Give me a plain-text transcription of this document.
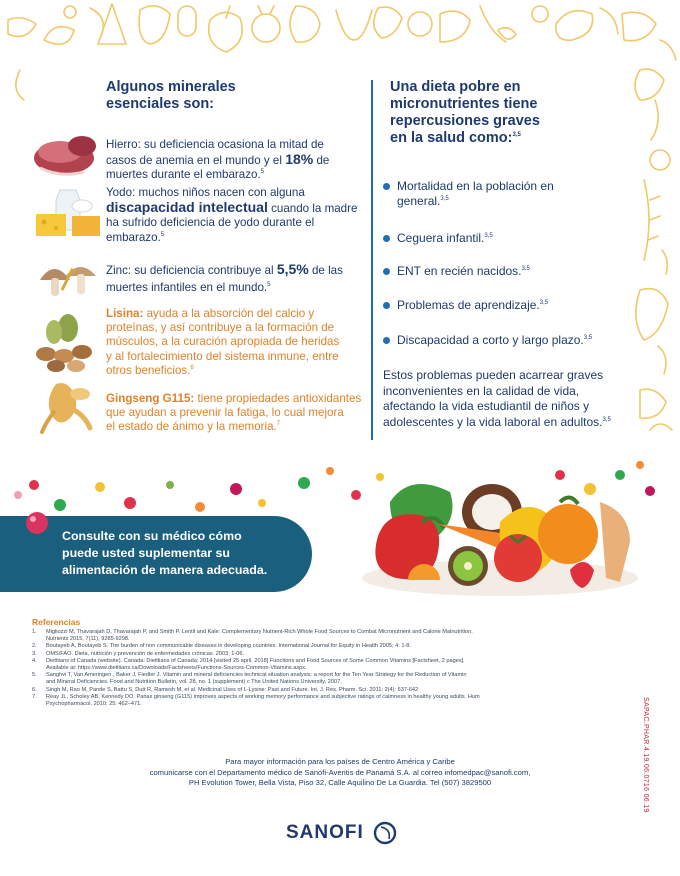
Algunos minerales
esenciales son:
Hierro: su deficiencia ocasiona la mitad de
casos de anemia en el mundo y el 18% de
muertes durante el embarazo.$^5$
Yodo: muchos niños nacen con alguna
discapacidad intelectual cuando la madre
ha sufrido deficiencia de yodo durante el
embarazo.$^5$
Zinc: su deficiencia contribuye al 5,5% de las
muertes infantiles en el mundo.$^5$
Lisina: ayuda a la absorción del calcio y
proteínas, y así contribuye a la formación de
músculos, a la curación apropiada de heridas
y al fortalecimiento del sistema inmune, entre
otros beneficios.$^6$
Gingseng G115: tiene propiedades antioxidantes
que ayudan a prevenir la fatiga, lo cual mejora
el estado de ánimo y la memoria.$^7$
Una dieta pobre en
micronutrientes tiene
repercusiones graves
en la salud como:$^{3,5}$
Mortalidad en la población en
general.$^{3,5}$
Ceguera infantil.$^{3,5}$
ENT en recién nacidos.$^{3,5}$
Problemas de aprendizaje.$^{3,5}$
Discapacidad a corto y largo plazo.$^{3,5}$
Estos problemas pueden acarrear graves
inconvenientes en la calidad de vida,
afectando la vida estudiantil de niños y
adolescentes y la vida laboral en adultos.$^{3,5}$
Consulte con su médico cómo
puede usted suplementar su
alimentación de manera adecuada.
Referencias
1. Migliozzi M, Thavarajah D, Thavarajah P, and Smith P. Lentil and Kale: Complementary Nutrient-Rich Whole Food Sources to Combat Micronutrient and Calorie Malnutrition.
Nutrients 2015, 7(11), 9285-9298.
2. Boutayeb A, Boutayeb S. The burden of non communicable diseases in developing countries. International Journal for Equity in Health 2005; 4: 1-8.
3. OMS/FAO. Dieta, nutrición y prevención de enfermedades crónicas. 2003; 1-06.
4. Dietitians of Canada (website). Canada: Dietitians of Canada; 2014 [visited 25 april, 2018] Functions and Food Sources of Some Common Vitamins [Factsheet, 2 pages].
Available at: https://www.dietitians.ca/Downloads/Factsheets/Functions-Sources-Common-Vitamins.aspx.
5. Sanghvi T, Van Ameringen , Baker J, Fiedler J. Vitamin and mineral deficiencies technical situation analysis: a report for the Ten Year Strategy for the Reduction of Vitamin
and Mineral Deficiencies. Food and Nutrition Bulletin, vol. 28, no. 1 (supplement) c The United Nations University, 2007.
6. Singh M, Rao M, Pande S, Battu S, Dutt R, Ramesh M, et al. Medicinal Uses of L-Lysine: Past and Future. Int. J. Res. Pharm. Sci. 2011; 2(4): 637-642
7. Reay JL, Scholey AB, Kennedy DO. Panax ginseng (G115) improves aspects of working memory performance and subjective ratings of calmness in healthy young adults. Hum
Psychopharmacol. 2010; 25: 462–471.
Para mayor información para los países de Centro América y Caribe
comunicarse con el Departamento médico de Sanofi-Aventis de Panamá S.A. al correo infomedpac@sanofi.com,
PH Evolution Tower, Bella Vista, Piso 32, Calle Aquilino De La Guardia. Tel (507) 3829500	SAPAC.PHAR.4.19.06.0716 06.19
SANOFI
